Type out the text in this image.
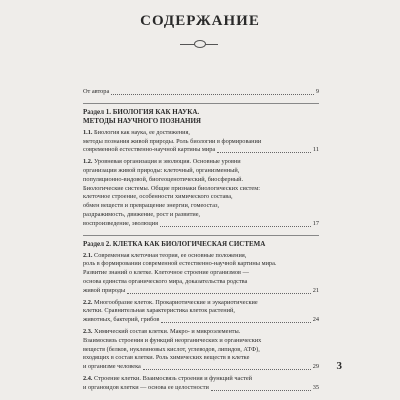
СОДЕРЖАНИЕ
От автора	9
Раздел 1. БИОЛОГИЯ КАК НАУКА.
МЕТОДЫ НАУЧНОГО ПОЗНАНИЯ

1.1. Биология как наука, ее достижения,

методы познания живой природы. Роль биологии в формировании

современной естественно-научной картины мира	11

1.2. Уровневая организация и эволюция. Основные уровни

организации живой природы: клеточный, организменный,

популяционно-видовой, биогеоценотический, биосферный.

Биологические системы. Общие признаки биологических систем:

клеточное строение, особенности химического состава,

обмен веществ и превращение энергии, гомеостаз,

раздражимость, движение, рост и развитие,

воспроизведение, эволюция	17
Раздел 2. КЛЕТКА КАК БИОЛОГИЧЕСКАЯ СИСТЕМА

2.1. Современная клеточная теория, ее основные положения,

роль в формировании современной естественно-научной картины мира.

Развитие знаний о клетке. Клеточное строение организмов —

основа единства органического мира, доказательства родства

живой природы	21

2.2. Многообразие клеток. Прокариотические и эукариотические

клетки. Сравнительная характеристика клеток растений,

животных, бактерий, грибов	24

2.3. Химический состав клетки. Макро- и микроэлементы.

Взаимосвязь строения и функций неорганических и органических

веществ (белков, нуклеиновых кислот, углеводов, липидов, АТФ),

входящих в состав клетки. Роль химических веществ в клетке

и организме человека	29

2.4. Строение клетки. Взаимосвязь строения и функций частей

и органоидов клетки — основа ее целостности	35
3
